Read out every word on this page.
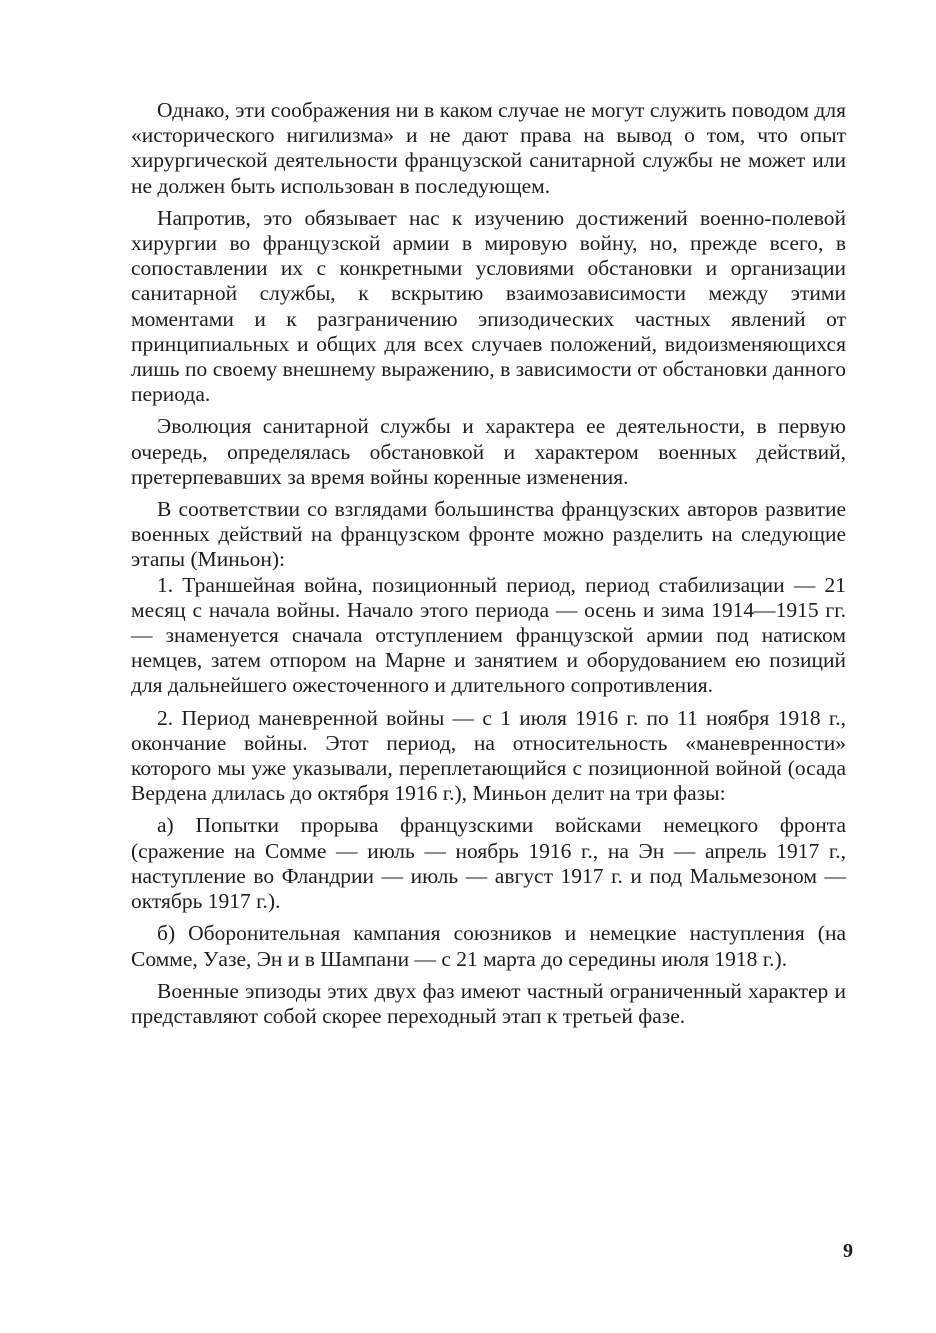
Однако, эти соображения ни в каком случае не могут служить поводом для «исторического нигилизма» и не дают права на вывод о том, что опыт хирургической деятельности французской санитарной службы не может или не должен быть использован в последующем.

Напротив, это обязывает нас к изучению достижений военно-полевой хирургии во французской армии в мировую войну, но, прежде всего, в сопоставлении их с конкретными условиями обстановки и организации санитарной службы, к вскрытию взаимозависимости между этими моментами и к разграничению эпизодических частных явлений от принципиальных и общих для всех случаев положений, видоизменяющихся лишь по своему внешнему выражению, в зависимости от обстановки данного периода.

Эволюция санитарной службы и характера ее деятельности, в первую очередь, определялась обстановкой и характером военных действий, претерпевавших за время войны коренные изменения.

В соответствии со взглядами большинства французских авторов развитие военных действий на французском фронте можно разделить на следующие этапы (Миньон):

1. Траншейная война, позиционный период, период стабилизации — 21 месяц с начала войны. Начало этого периода — осень и зима 1914—1915 гг. — знаменуется сначала отступлением французской армии под натиском немцев, затем отпором на Марне и занятием и оборудованием ею позиций для дальнейшего ожесточенного и длительного сопротивления.

2. Период маневренной войны — с 1 июля 1916 г. по 11 ноября 1918 г., окончание войны. Этот период, на относительность «маневренности» которого мы уже указывали, переплетающийся с позиционной войной (осада Вердена длилась до октября 1916 г.), Миньон делит на три фазы:

а) Попытки прорыва французскими войсками немецкого фронта (сражение на Сомме — июль — ноябрь 1916 г., на Эн — апрель 1917 г., наступление во Фландрии — июль — август 1917 г. и под Мальмезоном — октябрь 1917 г.).

б) Оборонительная кампания союзников и немецкие наступления (на Сомме, Уазе, Эн и в Шампани — с 21 марта до середины июля 1918 г.).

Военные эпизоды этих двух фаз имеют частный ограниченный характер и представляют собой скорее переходный этап к третьей фазе.

9
